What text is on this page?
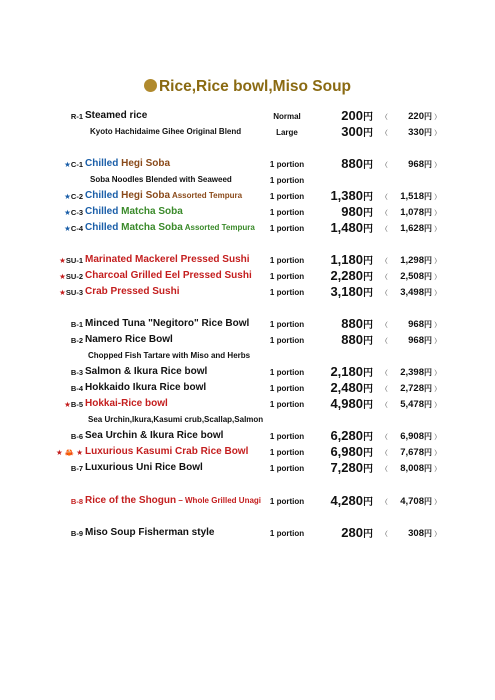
Rice,Rice bowl,Miso Soup
R-1 Steamed rice	Normal	200円 （ 220円 ）
Kyoto Hachidaime Gihee Original Blend	Large	300円 （ 330円 ）
★C-1 Chilled Hegi Soba	1 portion	880円 （ 968円 ）
Soba Noodles Blended with Seaweed	1 portion
★C-2 Chilled Hegi Soba Assorted Tempura	1 portion	1,380円 （ 1,518円 ）
★C-3 Chilled Matcha Soba	1 portion	980円 （ 1,078円 ）
★C-4 Chilled Matcha Soba Assorted Tempura	1 portion	1,480円 （ 1,628円 ）
★SU-1 Marinated Mackerel Pressed Sushi	1 portion	1,180円 （ 1,298円 ）
★SU-2 Charcoal Grilled Eel Pressed Sushi	1 portion	2,280円 （ 2,508円 ）
★SU-3 Crab Pressed Sushi	1 portion	3,180円 （ 3,498円 ）
B-1 Minced Tuna "Negitoro" Rice Bowl	1 portion	880円 （ 968円 ）
B-2 Namero Rice Bowl	1 portion	880円 （ 968円 ）
Chopped Fish Tartare with Miso and Herbs
B-3 Salmon & Ikura Rice bowl	1 portion	2,180円 （ 2,398円 ）
B-4 Hokkaido Ikura Rice bowl	1 portion	2,480円 （ 2,728円 ）
★B-5 Hokkai-Rice bowl	1 portion	4,980円 （ 5,478円 ）
Sea Urchin,Ikura,Kasumi crub,Scallap,Salmon
B-6 Sea Urchin & Ikura Rice bowl	1 portion	6,280円 （ 6,908円 ）
★ 🦀 ★ Luxurious Kasumi Crab Rice Bowl	1 portion	6,980円 （ 7,678円 ）
B-7 Luxurious Uni Rice Bowl	1 portion	7,280円 （ 8,008円 ）
B-8 Rice of the Shogun – Whole Grilled Unagi	1 portion	4,280円 （ 4,708円 ）
B-9 Miso Soup Fisherman style	1 portion	280円 （ 308円 ）
